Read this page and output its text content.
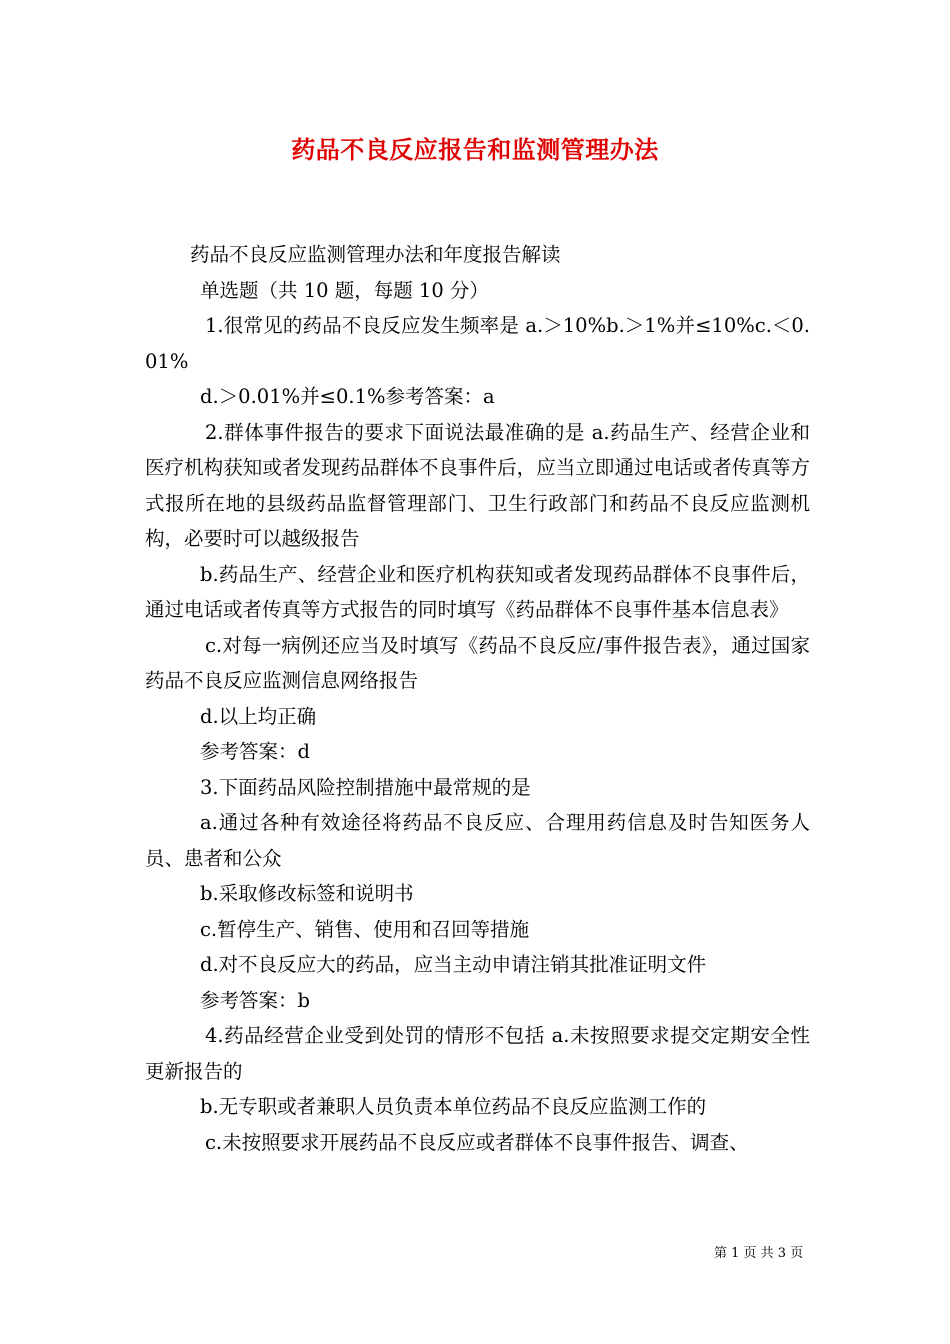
药品不良反应报告和监测管理办法

药品不良反应监测管理办法和年度报告解读

单选题（共 10 题，每题 10 分）

1.很常见的药品不良反应发生频率是 a.＞10%b.＞1%并≤10%c.＜0.01%

d.＞0.01%并≤0.1%参考答案：a

2.群体事件报告的要求下面说法最准确的是 a.药品生产、经营企业和医疗机构获知或者发现药品群体不良事件后，应当立即通过电话或者传真等方式报所在地的县级药品监督管理部门、卫生行政部门和药品不良反应监测机构，必要时可以越级报告

b.药品生产、经营企业和医疗机构获知或者发现药品群体不良事件后，通过电话或者传真等方式报告的同时填写《药品群体不良事件基本信息表》

c.对每一病例还应当及时填写《药品不良反应/事件报告表》，通过国家药品不良反应监测信息网络报告

d.以上均正确

参考答案：d

3.下面药品风险控制措施中最常规的是

a.通过各种有效途径将药品不良反应、合理用药信息及时告知医务人员、患者和公众

b.采取修改标签和说明书

c.暂停生产、销售、使用和召回等措施

d.对不良反应大的药品，应当主动申请注销其批准证明文件

参考答案：b

4.药品经营企业受到处罚的情形不包括 a.未按照要求提交定期安全性更新报告的

b.无专职或者兼职人员负责本单位药品不良反应监测工作的

c.未按照要求开展药品不良反应或者群体不良事件报告、调查、

第 1 页 共 3 页
